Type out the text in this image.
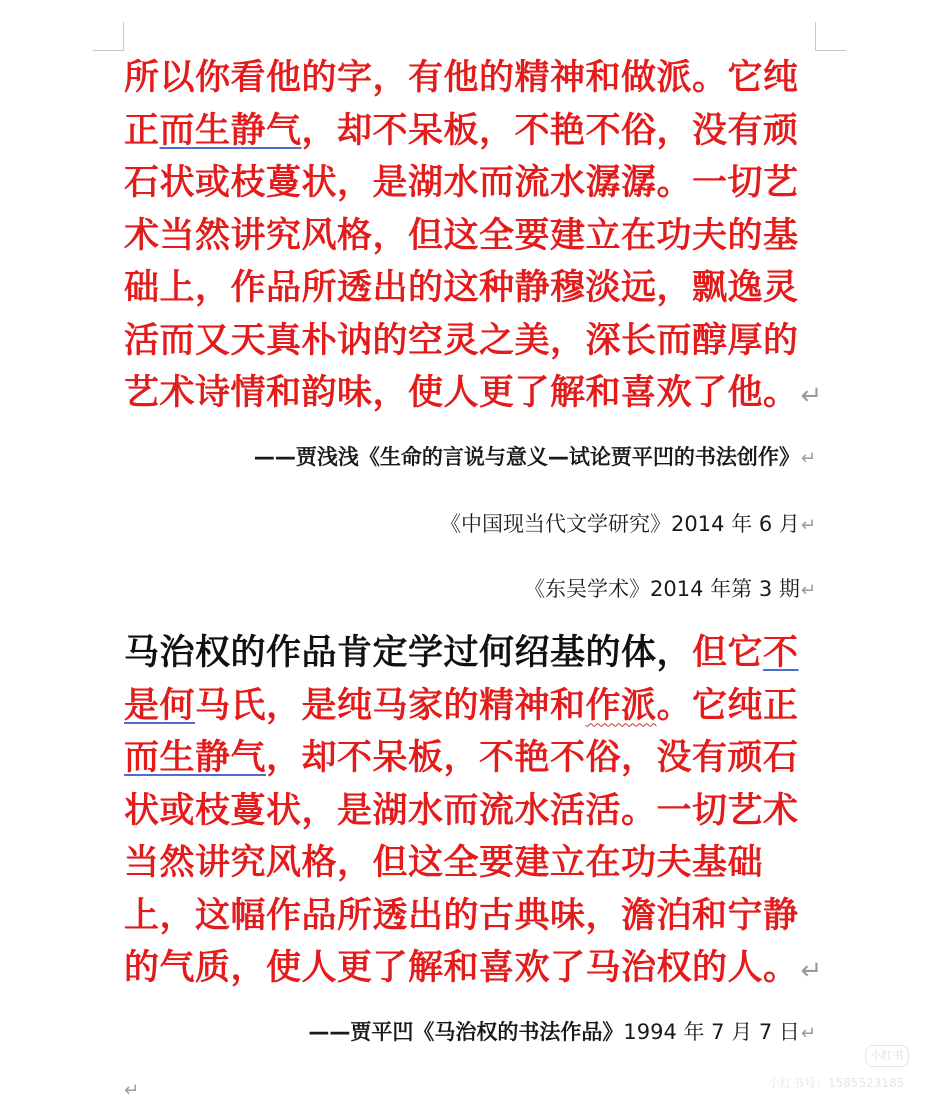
所以你看他的字，有他的精神和做派。它纯正而生静气，却不呆板，不艳不俗，没有顽石状或枝蔓状，是湖水而流水潺潺。一切艺术当然讲究风格，但这全要建立在功夫的基础上，作品所透出的这种静穆淡远，飘逸灵活而又天真朴讷的空灵之美，深长而醇厚的艺术诗情和韵味，使人更了解和喜欢了他。↵

——贾浅浅《生命的言说与意义—试论贾平凹的书法创作》↵
《中国现当代文学研究》2014 年 6 月↵
《东吴学术》2014 年第 3 期↵

马治权的作品肯定学过何绍基的体，但它不是何马氏，是纯马家的精神和作派。它纯正而生静气，却不呆板，不艳不俗，没有顽石状或枝蔓状，是湖水而流水活活。一切艺术当然讲究风格，但这全要建立在功夫基础上，这幅作品所透出的古典味，澹泊和宁静的气质，使人更了解和喜欢了马治权的人。↵

——贾平凹《马治权的书法作品》1994 年 7 月 7 日↵
↵
小红书
小红书号：1585523185
